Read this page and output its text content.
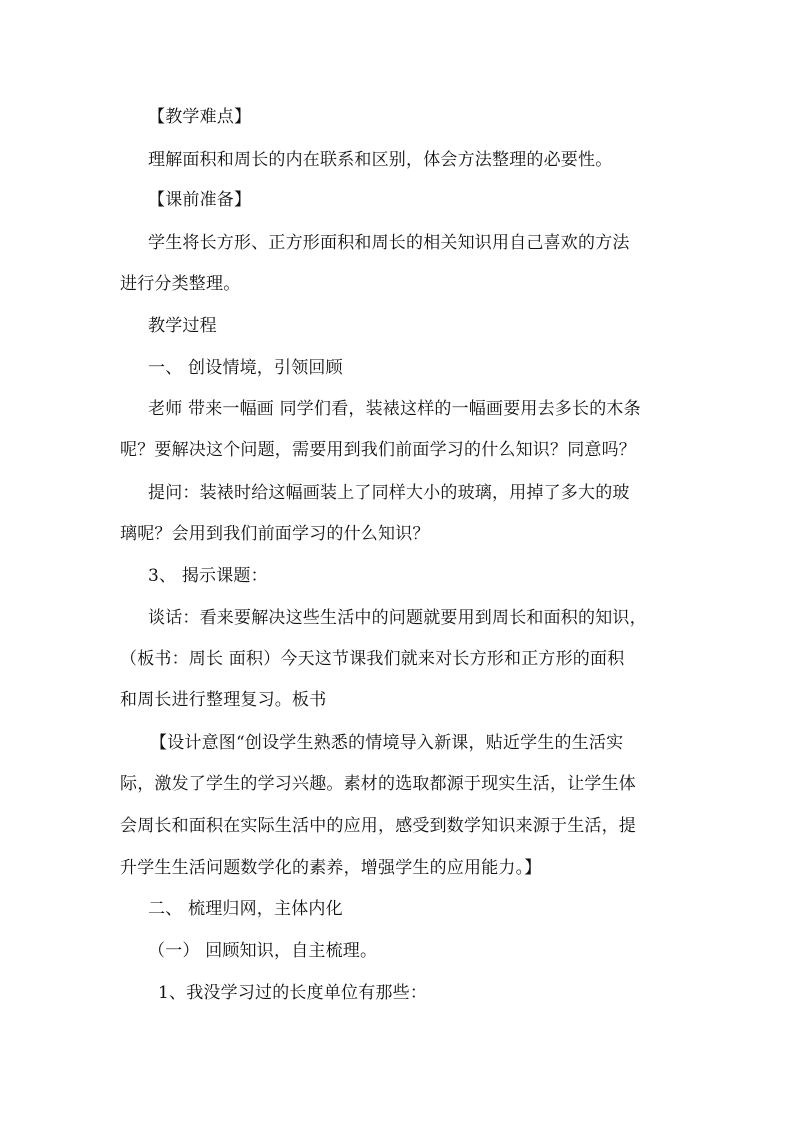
【教学难点】
理解面积和周长的内在联系和区别，体会方法整理的必要性。
【课前准备】
学生将长方形、正方形面积和周长的相关知识用自己喜欢的方法
进行分类整理。
教学过程
一、 创设情境，引领回顾
老师 带来一幅画 同学们看，装裱这样的一幅画要用去多长的木条
呢？要解决这个问题，需要用到我们前面学习的什么知识？同意吗？
提问：装裱时给这幅画装上了同样大小的玻璃，用掉了多大的玻
璃呢？会用到我们前面学习的什么知识？
3、 揭示课题：
谈话：看来要解决这些生活中的问题就要用到周长和面积的知识，
（板书：周长 面积）今天这节课我们就来对长方形和正方形的面积
和周长进行整理复习。板书
【设计意图“创设学生熟悉的情境导入新课，贴近学生的生活实
际，激发了学生的学习兴趣。素材的选取都源于现实生活，让学生体
会周长和面积在实际生活中的应用，感受到数学知识来源于生活，提
升学生生活问题数学化的素养，增强学生的应用能力。】
二、 梳理归网，主体内化
（一） 回顾知识，自主梳理。
1、我没学习过的长度单位有那些：
